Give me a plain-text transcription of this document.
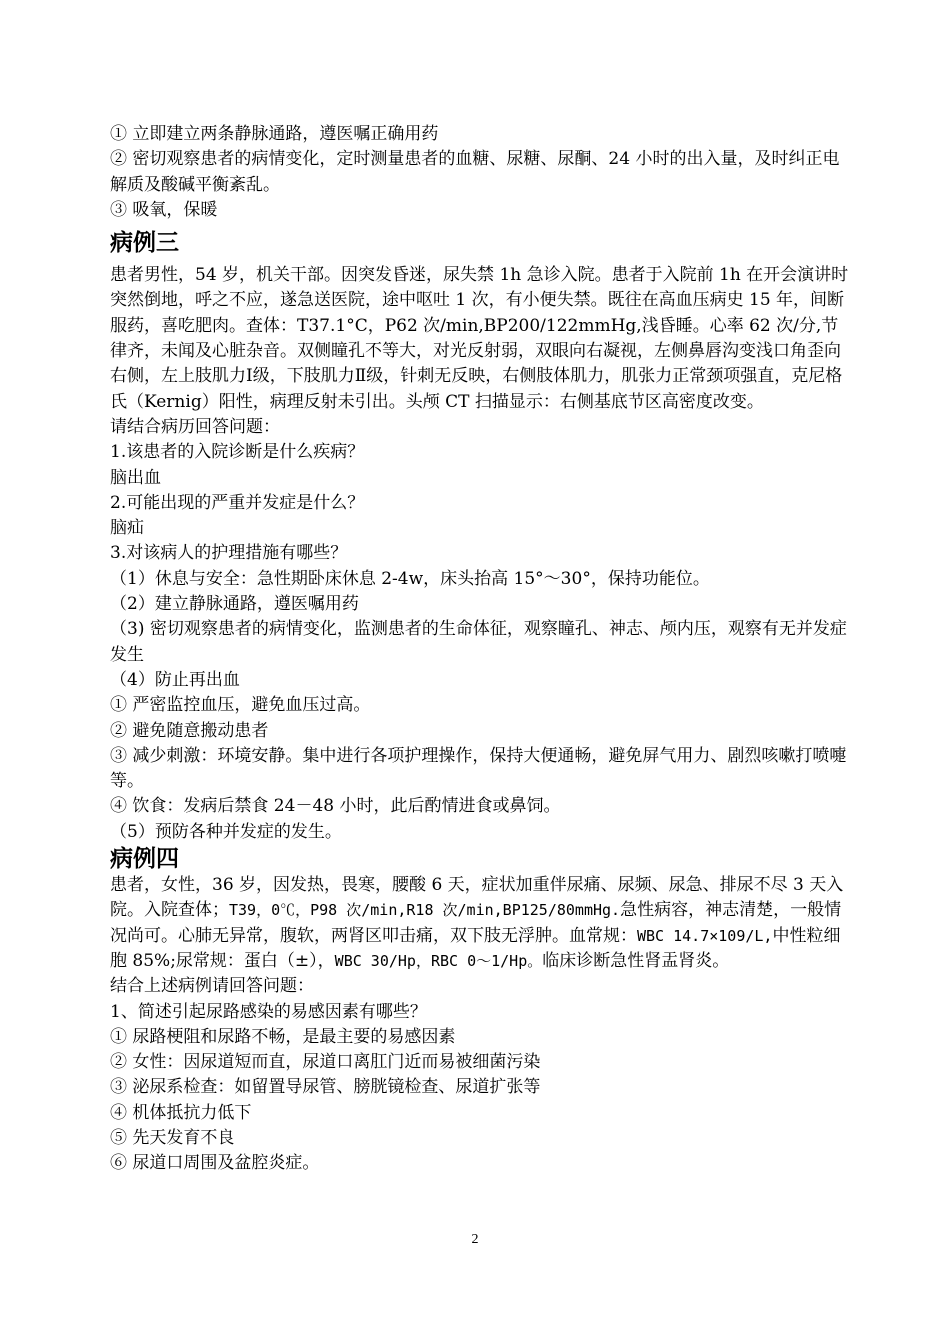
① 立即建立两条静脉通路，遵医嘱正确用药

② 密切观察患者的病情变化，定时测量患者的血糖、尿糖、尿酮、24 小时的出入量，及时纠正电解质及酸碱平衡紊乱。

③ 吸氧，保暖

病例三

患者男性，54 岁，机关干部。因突发昏迷，尿失禁 1h 急诊入院。患者于入院前 1h 在开会演讲时突然倒地，呼之不应，遂急送医院，途中呕吐 1 次，有小便失禁。既往在高血压病史 15 年，间断服药，喜吃肥肉。查体：T37.1°C，P62 次/min,BP200/122mmHg,浅昏睡。心率 62 次/分,节律齐，未闻及心脏杂音。双侧瞳孔不等大，对光反射弱，双眼向右凝视，左侧鼻唇沟变浅口角歪向右侧，左上肢肌力Ⅰ级，下肢肌力Ⅱ级，针刺无反映，右侧肢体肌力，肌张力正常颈项强直，克尼格氏（Kernig）阳性，病理反射未引出。头颅 CT 扫描显示：右侧基底节区高密度改变。

请结合病历回答问题：

1.该患者的入院诊断是什么疾病？

脑出血

2.可能出现的严重并发症是什么？

脑疝

3.对该病人的护理措施有哪些？

（1）休息与安全：急性期卧床休息 2-4w，床头抬高 15°～30°，保持功能位。

（2）建立静脉通路，遵医嘱用药

（3) 密切观察患者的病情变化，监测患者的生命体征，观察瞳孔、神志、颅内压，观察有无并发症发生

（4）防止再出血

① 严密监控血压，避免血压过高。

② 避免随意搬动患者

③ 减少刺激：环境安静。集中进行各项护理操作，保持大便通畅，避免屏气用力、剧烈咳嗽打喷嚏等。

④ 饮食：发病后禁食 24－48 小时，此后酌情进食或鼻饲。

（5）预防各种并发症的发生。

病例四

患者，女性，36 岁，因发热，畏寒，腰酸 6 天，症状加重伴尿痛、尿频、尿急、排尿不尽 3 天入院。入院查体；T39，0℃，P98 次/min,R18 次/min,BP125/80mmHg.急性病容，神志清楚，一般情况尚可。心肺无异常，腹软，两肾区叩击痛，双下肢无浮肿。血常规：WBC 14.7×109/L,中性粒细胞 85%;尿常规：蛋白（±），WBC 30/Hp，RBC 0～1/Hp。临床诊断急性肾盂肾炎。

结合上述病例请回答问题：

1、简述引起尿路感染的易感因素有哪些？

① 尿路梗阻和尿路不畅，是最主要的易感因素

② 女性：因尿道短而直，尿道口离肛门近而易被细菌污染

③ 泌尿系检查：如留置导尿管、膀胱镜检查、尿道扩张等

④ 机体抵抗力低下

⑤ 先天发育不良

⑥ 尿道口周围及盆腔炎症。

2
